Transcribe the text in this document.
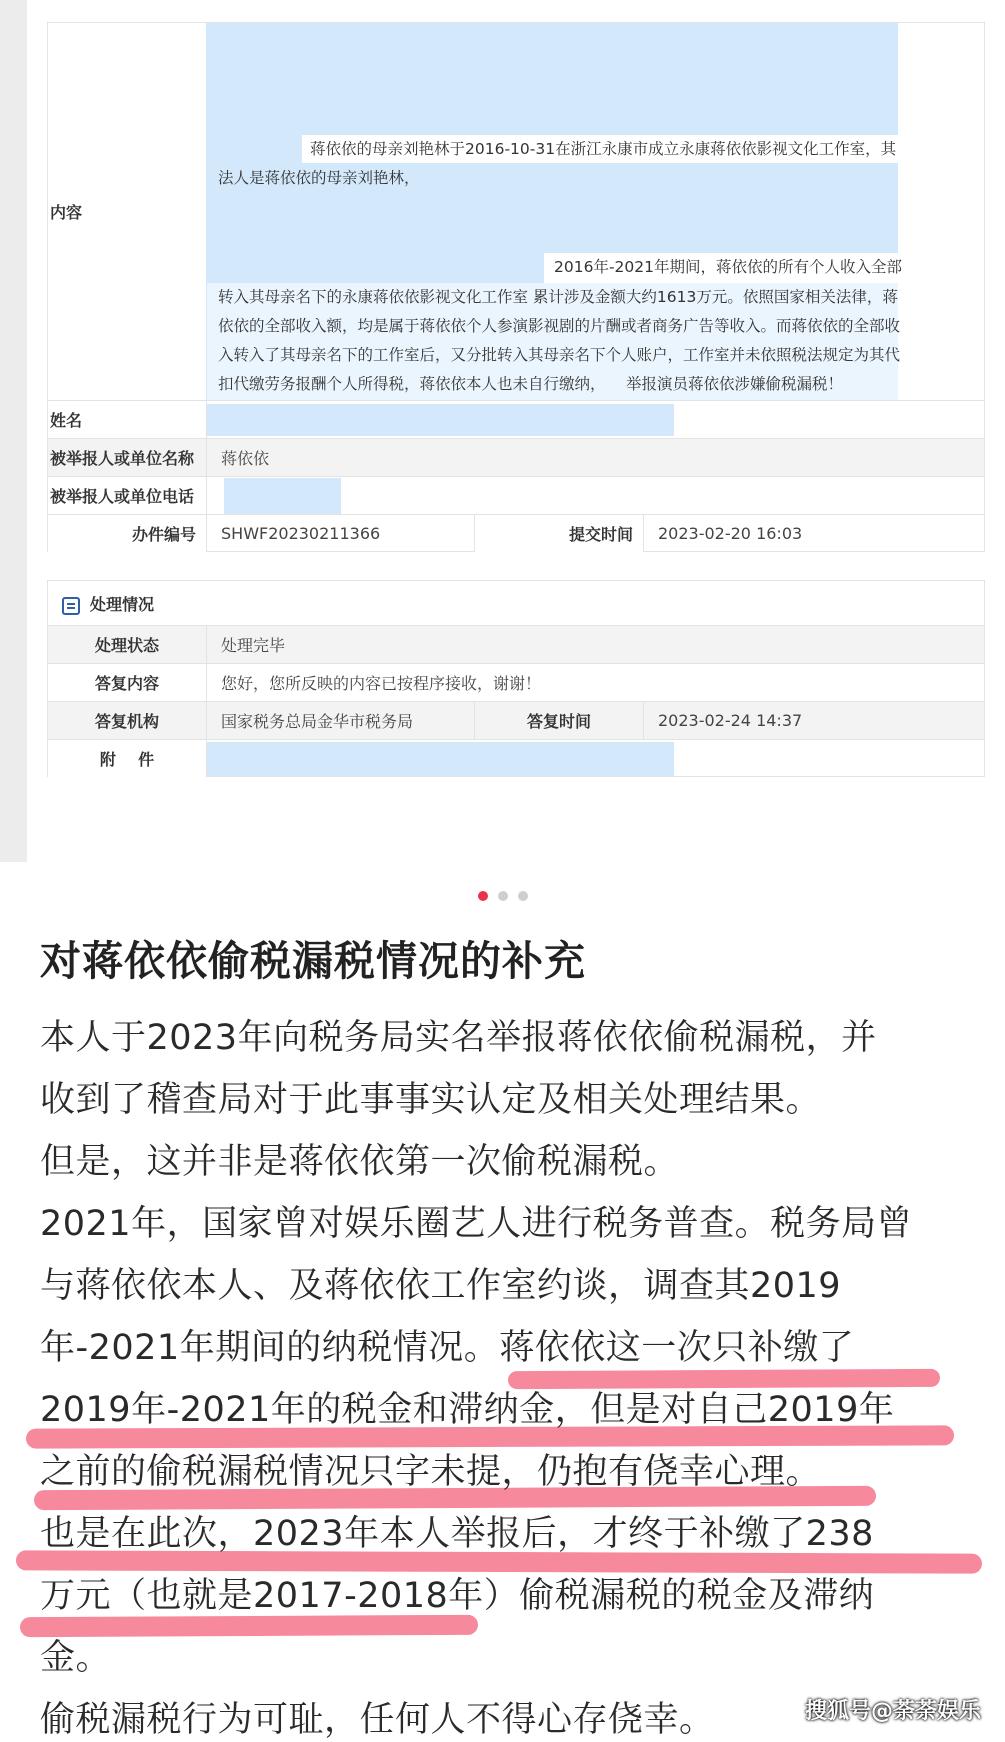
内容
蒋依依的母亲刘艳林于2016-10-31在浙江永康市成立永康蒋依依影视文化工作室，其
法人是蒋依依的母亲刘艳林，
2016年-2021年期间，蒋依依的所有个人收入全部
转入其母亲名下的永康蒋依依影视文化工作室 累计涉及金额大约1613万元。依照国家相关法律，蒋
依依的全部收入额，均是属于蒋依依个人参演影视剧的片酬或者商务广告等收入。而蒋依依的全部收
入转入了其母亲名下的工作室后，又分批转入其母亲名下个人账户，工作室并未依照税法规定为其代
扣代缴劳务报酬个人所得税，蒋依依本人也未自行缴纳， 举报演员蒋依依涉嫌偷税漏税！
姓名
被举报人或单位名称	蒋依依
被举报人或单位电话
办件编号	SHWF20230211366	提交时间	2023-02-20 16:03
处理情况
处理状态	处理完毕
答复内容	您好，您所反映的内容已按程序接收，谢谢！
答复机构	国家税务总局金华市税务局	答复时间	2023-02-24 14:37
附    件
对蒋依依偷税漏税情况的补充
本人于2023年向税务局实名举报蒋依依偷税漏税，并
收到了稽查局对于此事事实认定及相关处理结果。
但是，这并非是蒋依依第一次偷税漏税。
2021年，国家曾对娱乐圈艺人进行税务普查。税务局曾
与蒋依依本人、及蒋依依工作室约谈，调查其2019
年-2021年期间的纳税情况。蒋依依这一次只补缴了
2019年-2021年的税金和滞纳金，但是对自己2019年
之前的偷税漏税情况只字未提，仍抱有侥幸心理。
也是在此次，2023年本人举报后，才终于补缴了238
万元（也就是2017-2018年）偷税漏税的税金及滞纳
金。
偷税漏税行为可耻，任何人不得心存侥幸。	搜狐号@荼荼娱乐
